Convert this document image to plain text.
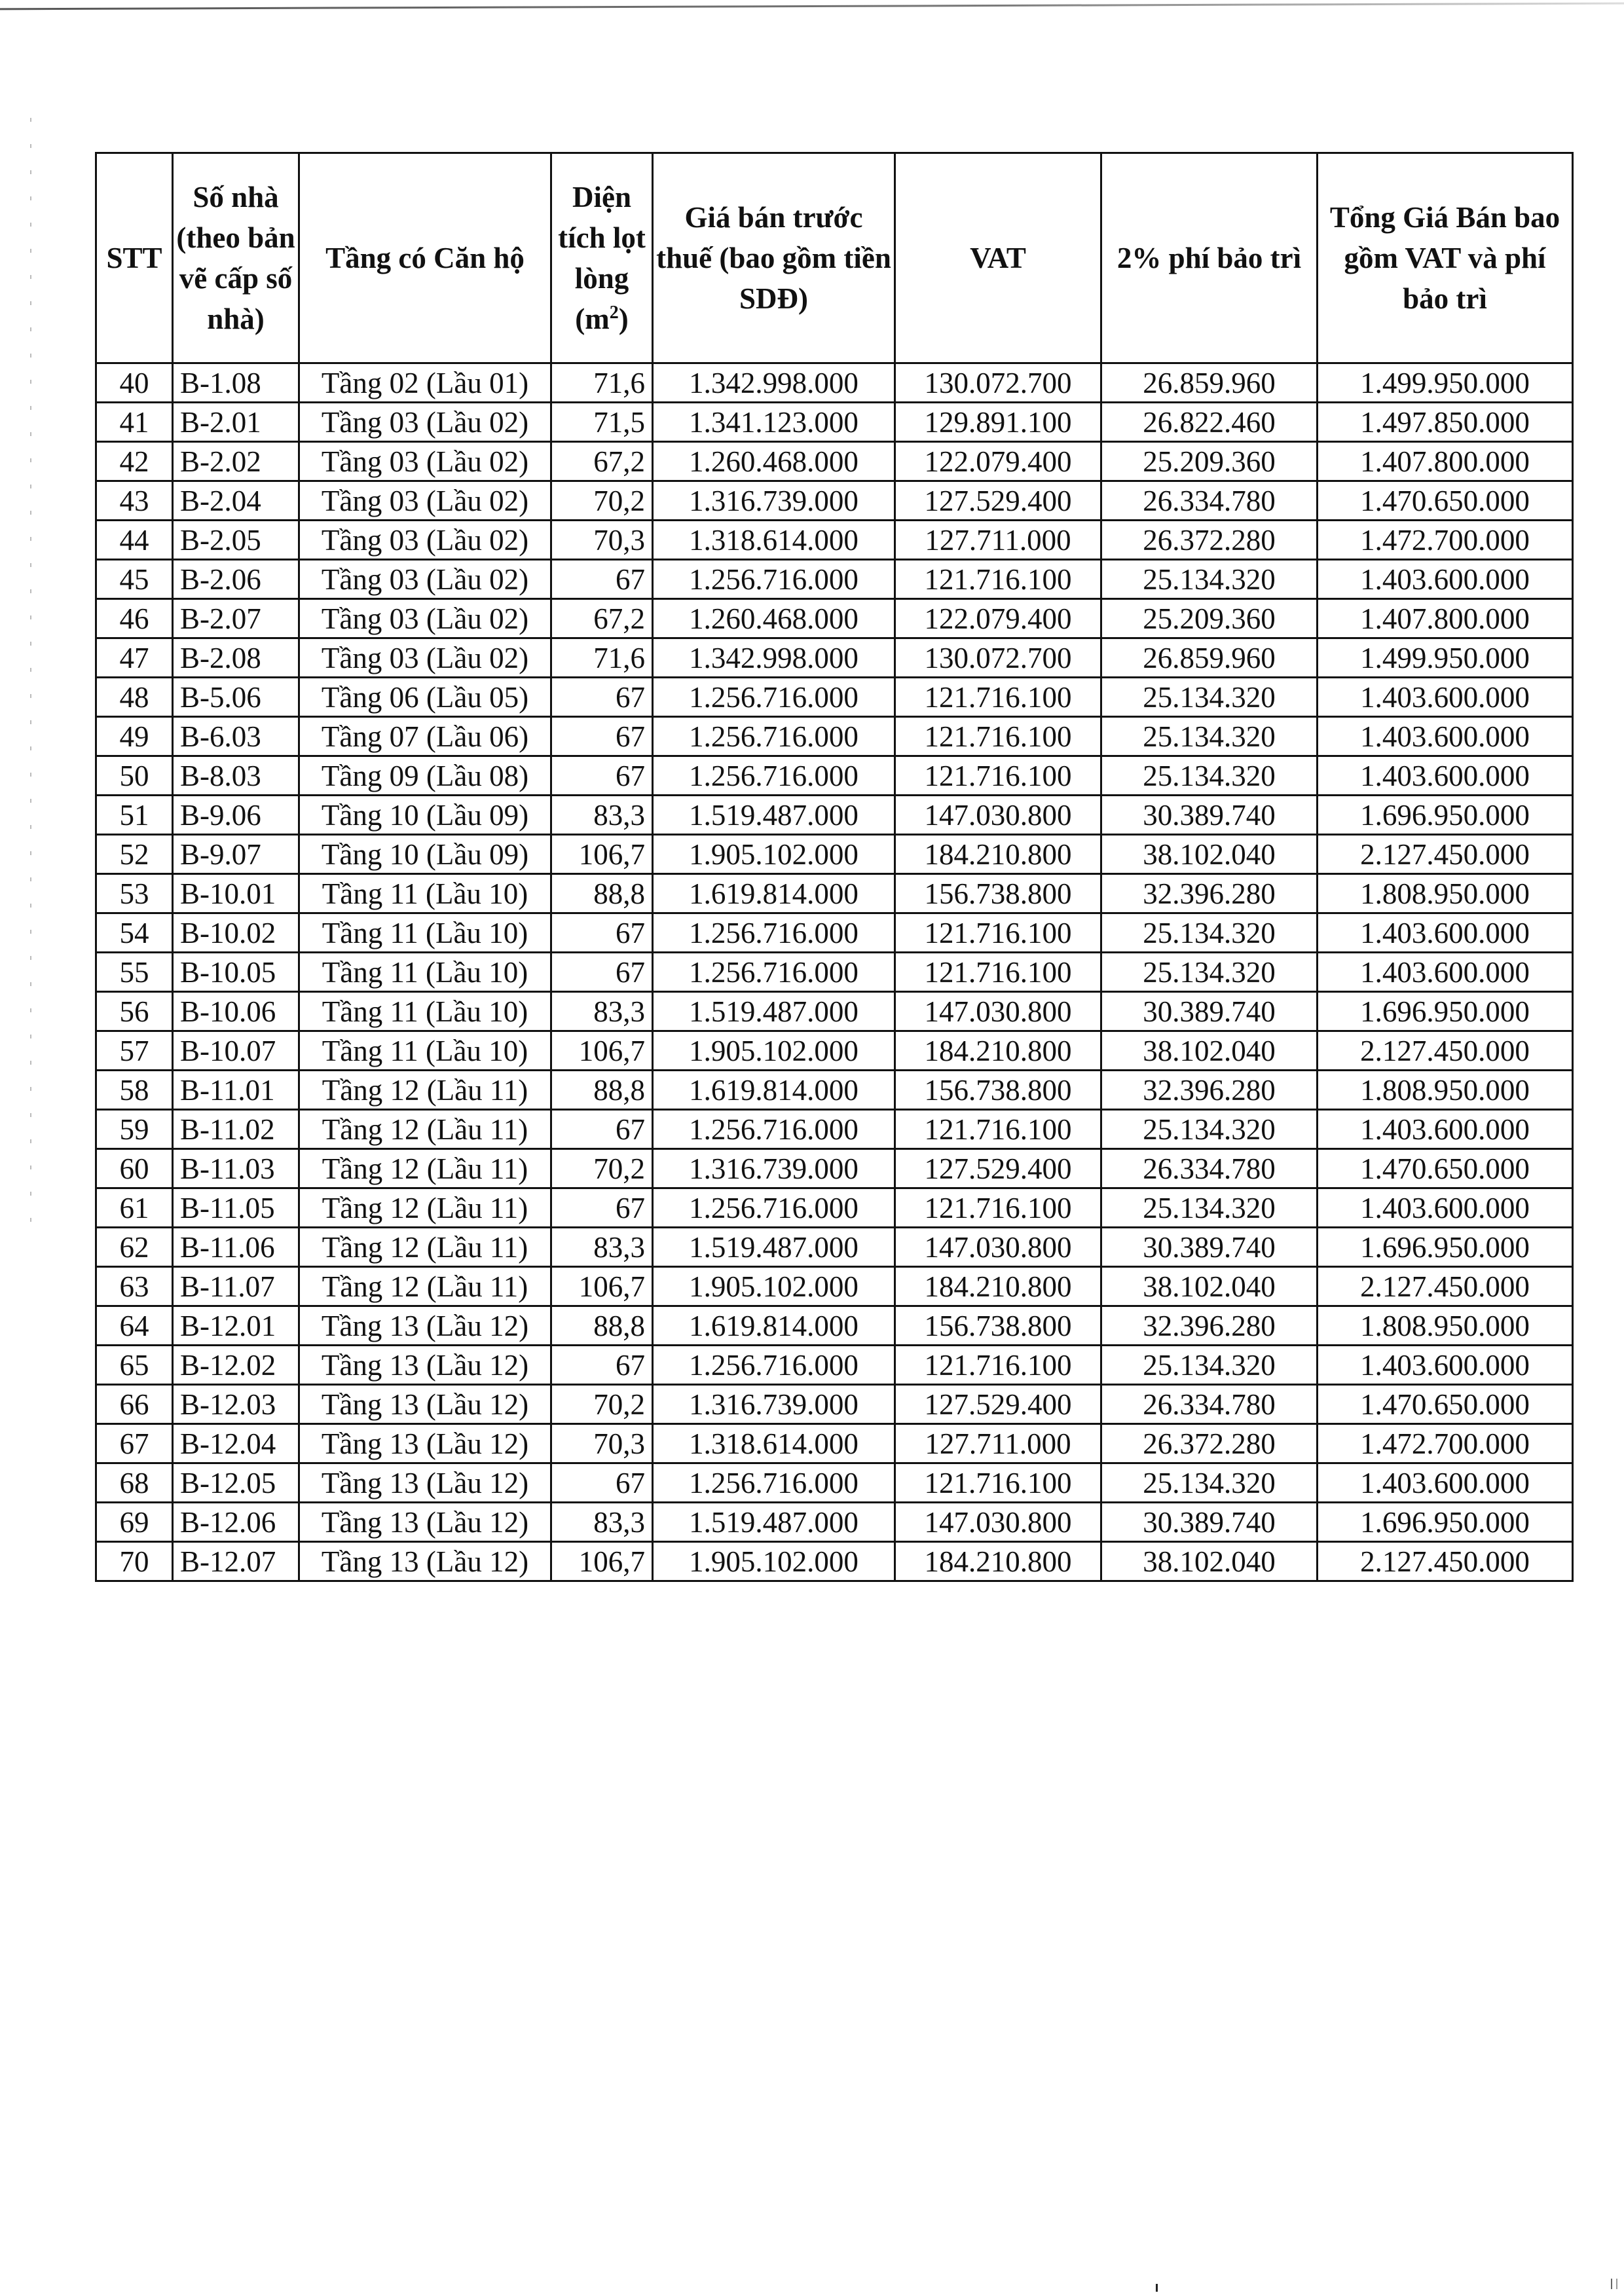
STT	Số nhà (theo bản vẽ cấp số nhà)	Tầng có Căn hộ	Diện tích lọt lòng $(m^2)$	Giá bán trước thuế (bao gồm tiền SDĐ)	VAT	2% phí bảo trì	Tổng Giá Bán bao gồm VAT và phí bảo trì
40	B-1.08	Tầng 02 (Lầu 01)	71,6	1.342.998.000	130.072.700	26.859.960	1.499.950.000
41	B-2.01	Tầng 03 (Lầu 02)	71,5	1.341.123.000	129.891.100	26.822.460	1.497.850.000
42	B-2.02	Tầng 03 (Lầu 02)	67,2	1.260.468.000	122.079.400	25.209.360	1.407.800.000
43	B-2.04	Tầng 03 (Lầu 02)	70,2	1.316.739.000	127.529.400	26.334.780	1.470.650.000
44	B-2.05	Tầng 03 (Lầu 02)	70,3	1.318.614.000	127.711.000	26.372.280	1.472.700.000
45	B-2.06	Tầng 03 (Lầu 02)	67	1.256.716.000	121.716.100	25.134.320	1.403.600.000
46	B-2.07	Tầng 03 (Lầu 02)	67,2	1.260.468.000	122.079.400	25.209.360	1.407.800.000
47	B-2.08	Tầng 03 (Lầu 02)	71,6	1.342.998.000	130.072.700	26.859.960	1.499.950.000
48	B-5.06	Tầng 06 (Lầu 05)	67	1.256.716.000	121.716.100	25.134.320	1.403.600.000
49	B-6.03	Tầng 07 (Lầu 06)	67	1.256.716.000	121.716.100	25.134.320	1.403.600.000
50	B-8.03	Tầng 09 (Lầu 08)	67	1.256.716.000	121.716.100	25.134.320	1.403.600.000
51	B-9.06	Tầng 10 (Lầu 09)	83,3	1.519.487.000	147.030.800	30.389.740	1.696.950.000
52	B-9.07	Tầng 10 (Lầu 09)	106,7	1.905.102.000	184.210.800	38.102.040	2.127.450.000
53	B-10.01	Tầng 11 (Lầu 10)	88,8	1.619.814.000	156.738.800	32.396.280	1.808.950.000
54	B-10.02	Tầng 11 (Lầu 10)	67	1.256.716.000	121.716.100	25.134.320	1.403.600.000
55	B-10.05	Tầng 11 (Lầu 10)	67	1.256.716.000	121.716.100	25.134.320	1.403.600.000
56	B-10.06	Tầng 11 (Lầu 10)	83,3	1.519.487.000	147.030.800	30.389.740	1.696.950.000
57	B-10.07	Tầng 11 (Lầu 10)	106,7	1.905.102.000	184.210.800	38.102.040	2.127.450.000
58	B-11.01	Tầng 12 (Lầu 11)	88,8	1.619.814.000	156.738.800	32.396.280	1.808.950.000
59	B-11.02	Tầng 12 (Lầu 11)	67	1.256.716.000	121.716.100	25.134.320	1.403.600.000
60	B-11.03	Tầng 12 (Lầu 11)	70,2	1.316.739.000	127.529.400	26.334.780	1.470.650.000
61	B-11.05	Tầng 12 (Lầu 11)	67	1.256.716.000	121.716.100	25.134.320	1.403.600.000
62	B-11.06	Tầng 12 (Lầu 11)	83,3	1.519.487.000	147.030.800	30.389.740	1.696.950.000
63	B-11.07	Tầng 12 (Lầu 11)	106,7	1.905.102.000	184.210.800	38.102.040	2.127.450.000
64	B-12.01	Tầng 13 (Lầu 12)	88,8	1.619.814.000	156.738.800	32.396.280	1.808.950.000
65	B-12.02	Tầng 13 (Lầu 12)	67	1.256.716.000	121.716.100	25.134.320	1.403.600.000
66	B-12.03	Tầng 13 (Lầu 12)	70,2	1.316.739.000	127.529.400	26.334.780	1.470.650.000
67	B-12.04	Tầng 13 (Lầu 12)	70,3	1.318.614.000	127.711.000	26.372.280	1.472.700.000
68	B-12.05	Tầng 13 (Lầu 12)	67	1.256.716.000	121.716.100	25.134.320	1.403.600.000
69	B-12.06	Tầng 13 (Lầu 12)	83,3	1.519.487.000	147.030.800	30.389.740	1.696.950.000
70	B-12.07	Tầng 13 (Lầu 12)	106,7	1.905.102.000	184.210.800	38.102.040	2.127.450.000
